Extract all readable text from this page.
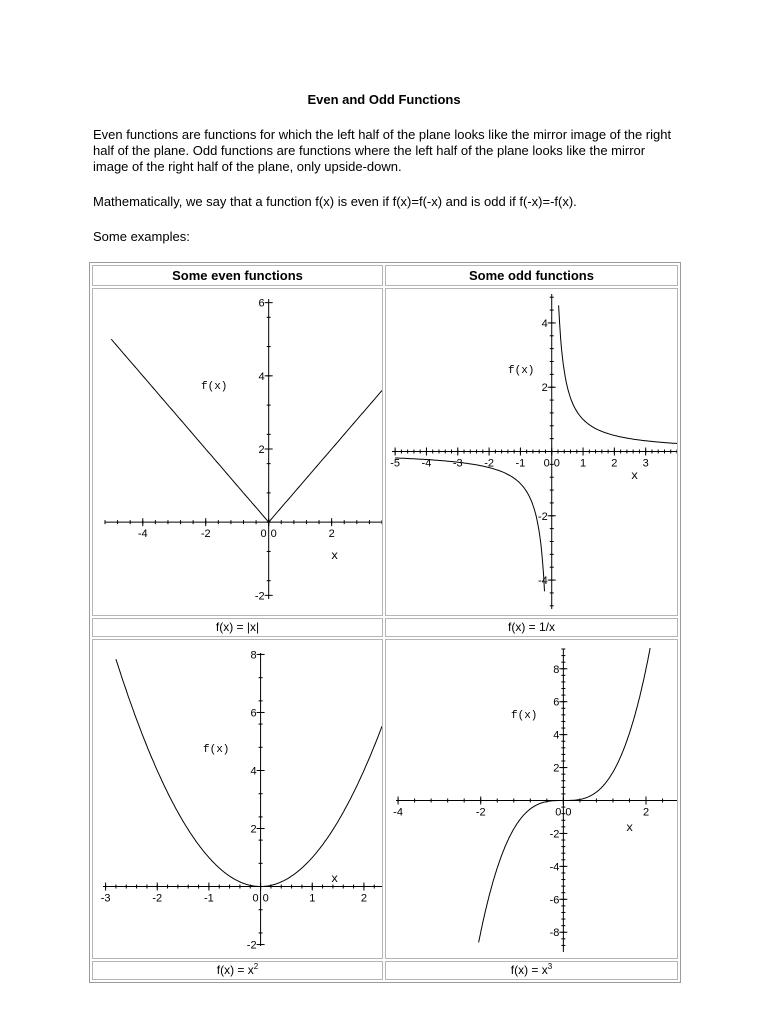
Even and Odd Functions

Even functions are functions for which the left half of the plane looks like the mirror image of the right half of the plane. Odd functions are functions where the left half of the plane looks like the mirror image of the right half of the plane, only upside-down.

Mathematically, we say that a function f(x) is even if f(x)=f(-x) and is odd if f(-x)=-f(x).

Some examples:

Some even functions	Some odd functions
-4	-2	0	2
-2
2
4
6
0
f(x)
x
-5 -4 -3 -2 -1 0	1 2 3
-4
-2
2
4
0
f(x)
x
f(x) = |x|	f(x) = 1/x
-3	-2	-1	0	1	2
-2
2
4
6
8
0
f(x)
x
-4	-2	0	2
-8
-6
-4
-2
2
4
6
8
0
f(x)
x
$f(x) = x^2$	$f(x) = x^3$
